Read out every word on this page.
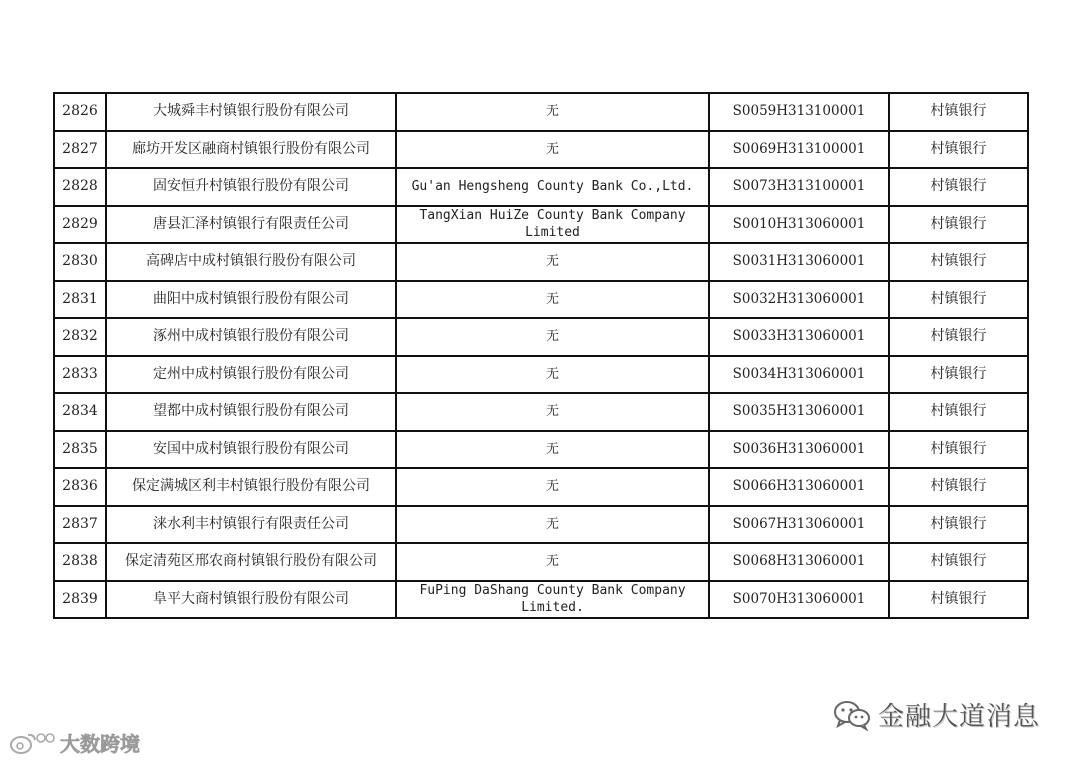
2826	大城舜丰村镇银行股份有限公司	无	S0059H313100001	村镇银行
2827	廊坊开发区融商村镇银行股份有限公司	无	S0069H313100001	村镇银行
2828	固安恒升村镇银行股份有限公司	Gu'an Hengsheng County Bank Co.,Ltd.	S0073H313100001	村镇银行
2829	唐县汇泽村镇银行有限责任公司	TangXian HuiZe County Bank Company Limited	S0010H313060001	村镇银行
2830	高碑店中成村镇银行股份有限公司	无	S0031H313060001	村镇银行
2831	曲阳中成村镇银行股份有限公司	无	S0032H313060001	村镇银行
2832	涿州中成村镇银行股份有限公司	无	S0033H313060001	村镇银行
2833	定州中成村镇银行股份有限公司	无	S0034H313060001	村镇银行
2834	望都中成村镇银行股份有限公司	无	S0035H313060001	村镇银行
2835	安国中成村镇银行股份有限公司	无	S0036H313060001	村镇银行
2836	保定满城区利丰村镇银行股份有限公司	无	S0066H313060001	村镇银行
2837	涞水利丰村镇银行有限责任公司	无	S0067H313060001	村镇银行
2838	保定清苑区邢农商村镇银行股份有限公司	无	S0068H313060001	村镇银行
2839	阜平大商村镇银行股份有限公司	FuPing DaShang County Bank Company Limited.	S0070H313060001	村镇银行
金融大道消息
大数跨境
